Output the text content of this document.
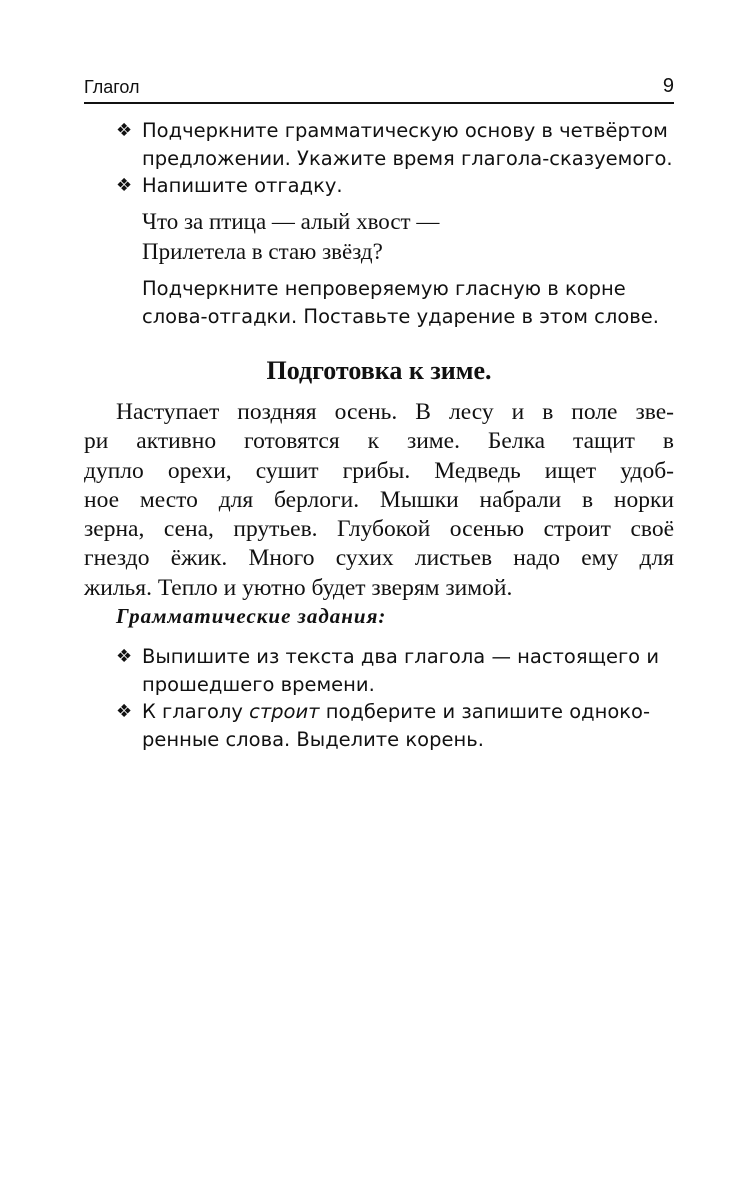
Глагол	9
❖ Подчеркните грамматическую основу в четвёртом
предложении. Укажите время глагола-сказуемого.
❖ Напишите отгадку.
Что за птица — алый хвост —
Прилетела в стаю звёзд?
Подчеркните непроверяемую гласную в корне
слова-отгадки. Поставьте ударение в этом слове.
Подготовка к зиме.
Наступает поздняя осень. В лесу и в поле зве-
ри активно готовятся к зиме. Белка тащит в
дупло орехи, сушит грибы. Медведь ищет удоб-
ное место для берлоги. Мышки набрали в норки
зерна, сена, прутьев. Глубокой осенью строит своё
гнездо ёжик. Много сухих листьев надо ему для
жилья. Тепло и уютно будет зверям зимой.
Грамматические задания:
❖ Выпишите из текста два глагола — настоящего и
прошедшего времени.
❖ К глаголу строит подберите и запишите одноко-
ренные слова. Выделите корень.
